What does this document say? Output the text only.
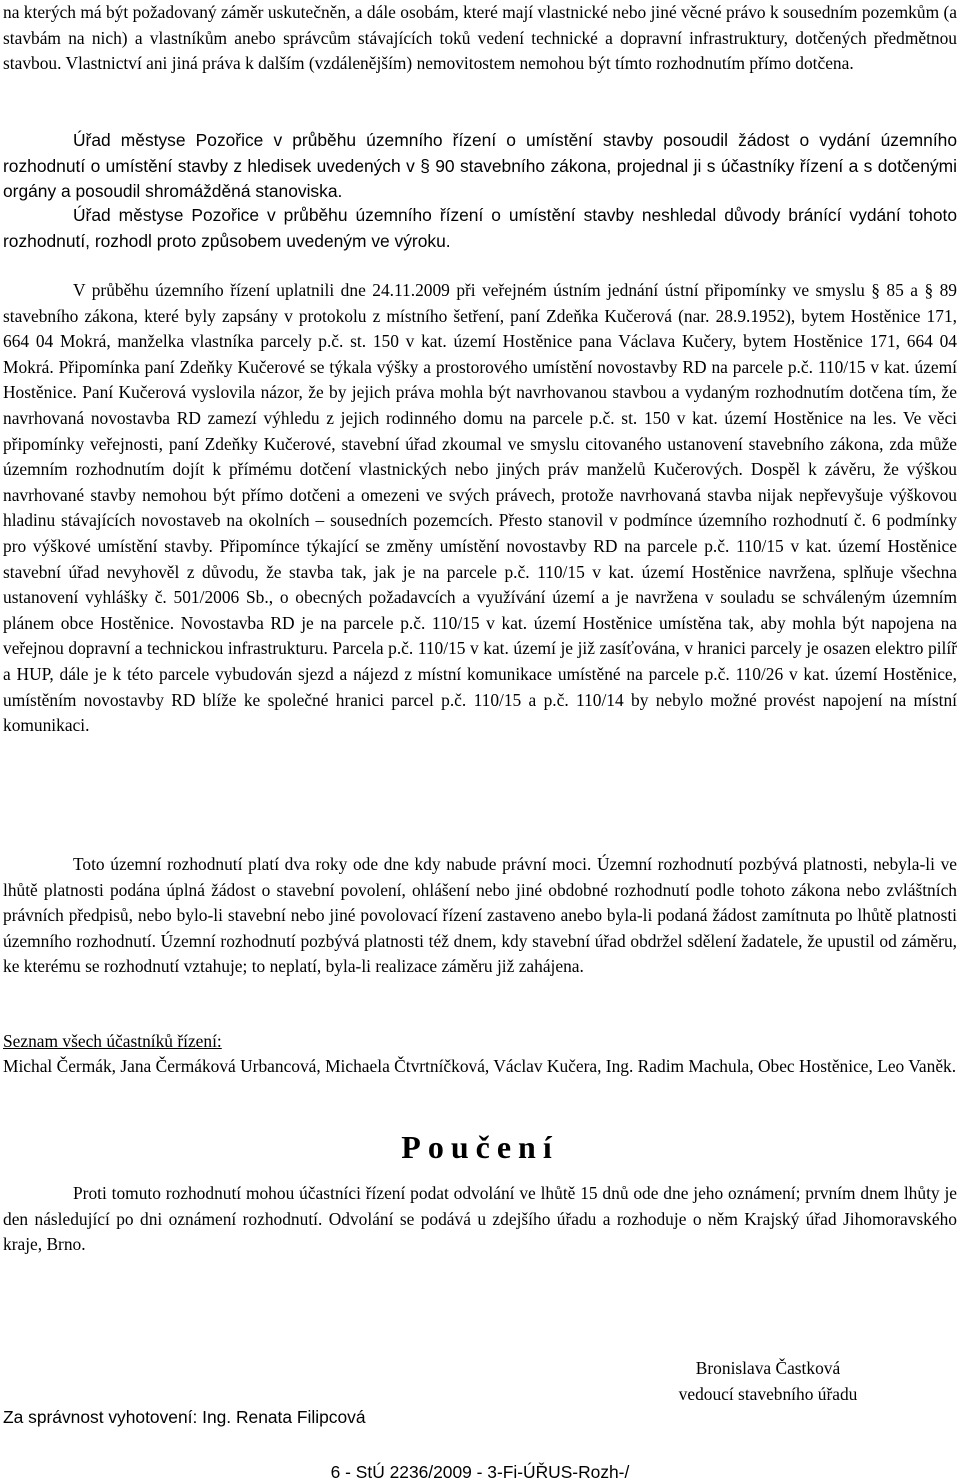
na kterých má být požadovaný záměr uskutečněn, a dále osobám, které mají vlastnické nebo jiné věcné právo k sousedním pozemkům (a stavbám na nich) a vlastníkům anebo správcům stávajících toků vedení technické a dopravní infrastruktury, dotčených předmětnou stavbou. Vlastnictví ani jiná práva k dalším (vzdálenějším) nemovitostem nemohou být tímto rozhodnutím přímo dotčena.

Úřad městyse Pozořice v průběhu územního řízení o umístění stavby posoudil žádost o vydání územního rozhodnutí o umístění stavby z hledisek uvedených v § 90 stavebního zákona, projednal ji s účastníky řízení a s dotčenými orgány a posoudil shromážděná stanoviska.

Úřad městyse Pozořice v průběhu územního řízení o umístění stavby neshledal důvody bránící vydání tohoto rozhodnutí, rozhodl proto způsobem uvedeným ve výroku.

V průběhu územního řízení uplatnili dne 24.11.2009 při veřejném ústním jednání ústní připomínky ve smyslu § 85 a § 89 stavebního zákona, které byly zapsány v protokolu z místního šetření, paní Zdeňka Kučerová (nar. 28.9.1952), bytem Hostěnice 171, 664 04 Mokrá, manželka vlastníka parcely p.č. st. 150 v kat. území Hostěnice pana Václava Kučery, bytem Hostěnice 171, 664 04 Mokrá. Připomínka paní Zdeňky Kučerové se týkala výšky a prostorového umístění novostavby RD na parcele p.č. 110/15 v kat. území Hostěnice. Paní Kučerová vyslovila názor, že by jejich práva mohla být navrhovanou stavbou a vydaným rozhodnutím dotčena tím, že navrhovaná novostavba RD zamezí výhledu z jejich rodinného domu na parcele p.č. st. 150 v kat. území Hostěnice na les. Ve věci připomínky veřejnosti, paní Zdeňky Kučerové, stavební úřad zkoumal ve smyslu citovaného ustanovení stavebního zákona, zda může územním rozhodnutím dojít k přímému dotčení vlastnických nebo jiných práv manželů Kučerových. Dospěl k závěru, že výškou navrhované stavby nemohou být přímo dotčeni a omezeni ve svých právech, protože navrhovaná stavba nijak nepřevyšuje výškovou hladinu stávajících novostaveb na okolních – sousedních pozemcích. Přesto stanovil v podmínce územního rozhodnutí č. 6 podmínky pro výškové umístění stavby. Připomínce týkající se změny umístění novostavby RD na parcele p.č. 110/15 v kat. území Hostěnice stavební úřad nevyhověl z důvodu, že stavba tak, jak je na parcele p.č. 110/15 v kat. území Hostěnice navržena, splňuje všechna ustanovení vyhlášky č. 501/2006 Sb., o obecných požadavcích a využívání území a je navržena v souladu se schváleným územním plánem obce Hostěnice. Novostavba RD je na parcele p.č. 110/15 v kat. území Hostěnice umístěna tak, aby mohla být napojena na veřejnou dopravní a technickou infrastrukturu. Parcela p.č. 110/15 v kat. území je již zasíťována, v hranici parcely je osazen elektro pilíř a HUP, dále je k této parcele vybudován sjezd a nájezd z místní komunikace umístěné na parcele p.č. 110/26 v kat. území Hostěnice, umístěním novostavby RD blíže ke společné hranici parcel p.č. 110/15 a p.č. 110/14 by nebylo možné provést napojení na místní komunikaci.

Toto územní rozhodnutí platí dva roky ode dne kdy nabude právní moci. Územní rozhodnutí pozbývá platnosti, nebyla-li ve lhůtě platnosti podána úplná žádost o stavební povolení, ohlášení nebo jiné obdobné rozhodnutí podle tohoto zákona nebo zvláštních právních předpisů, nebo bylo-li stavební nebo jiné povolovací řízení zastaveno anebo byla-li podaná žádost zamítnuta po lhůtě platnosti územního rozhodnutí. Územní rozhodnutí pozbývá platnosti též dnem, kdy stavební úřad obdržel sdělení žadatele, že upustil od záměru, ke kterému se rozhodnutí vztahuje; to neplatí, byla-li realizace záměru již zahájena.

Seznam všech účastníků řízení:

Michal Čermák, Jana Čermáková Urbancová, Michaela Čtvrtníčková, Václav Kučera, Ing. Radim Machula, Obec Hostěnice, Leo Vaněk.

Poučení

Proti tomuto rozhodnutí mohou účastníci řízení podat odvolání ve lhůtě 15 dnů ode dne jeho oznámení; prvním dnem lhůty je den následující po dni oznámení rozhodnutí. Odvolání se podává u zdejšího úřadu a rozhoduje o něm Krajský úřad Jihomoravského kraje, Brno.

Bronislava Častková
vedoucí stavebního úřadu
Za správnost vyhotovení: Ing. Renata Filipcová
6 - StÚ 2236/2009 - 3-Fi-ÚŘUS-Rozh-/
